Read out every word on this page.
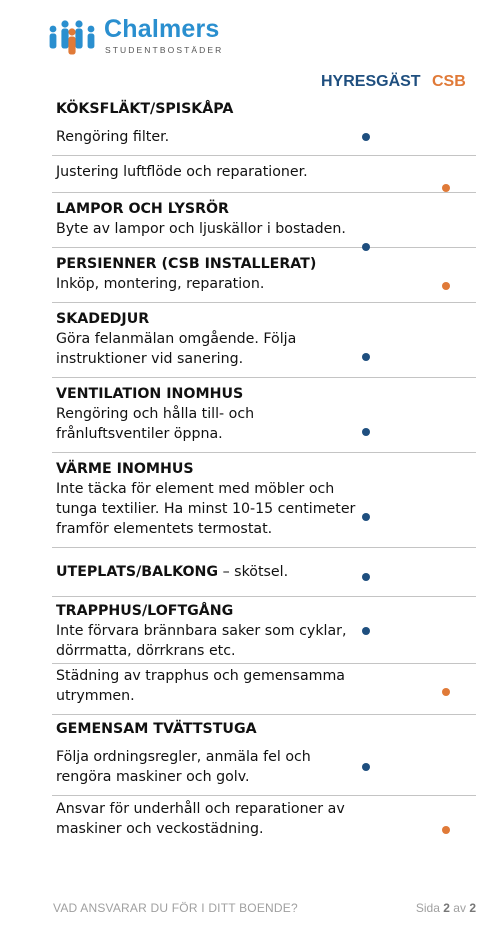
Chalmers
STUDENTBOSTÄDER
HYRESGÄST CSB
KÖKSFLÄKT/SPISKÅPA
Rengöring filter.
Justering luftflöde och reparationer.
LAMPOR OCH LYSRÖR
Byte av lampor och ljuskällor i bostaden.
PERSIENNER (CSB INSTALLERAT)
Inköp, montering, reparation.
SKADEDJUR
Göra felanmälan omgående. Följa instruktioner vid sanering.
VENTILATION INOMHUS
Rengöring och hålla till- och frånluftsventiler öppna.
VÄRME INOMHUS
Inte täcka för element med möbler och tunga textilier. Ha minst 10-15 centimeter framför elementets termostat.
UTEPLATS/BALKONG – skötsel.
TRAPPHUS/LOFTGÅNG
Inte förvara brännbara saker som cyklar, dörrmatta, dörrkrans etc.
Städning av trapphus och gemensamma utrymmen.
GEMENSAM TVÄTTSTUGA
Följa ordningsregler, anmäla fel och rengöra maskiner och golv.
Ansvar för underhåll och reparationer av maskiner och veckostädning.
VAD ANSVARAR DU FÖR I DITT BOENDE?	Sida 2 av 2
